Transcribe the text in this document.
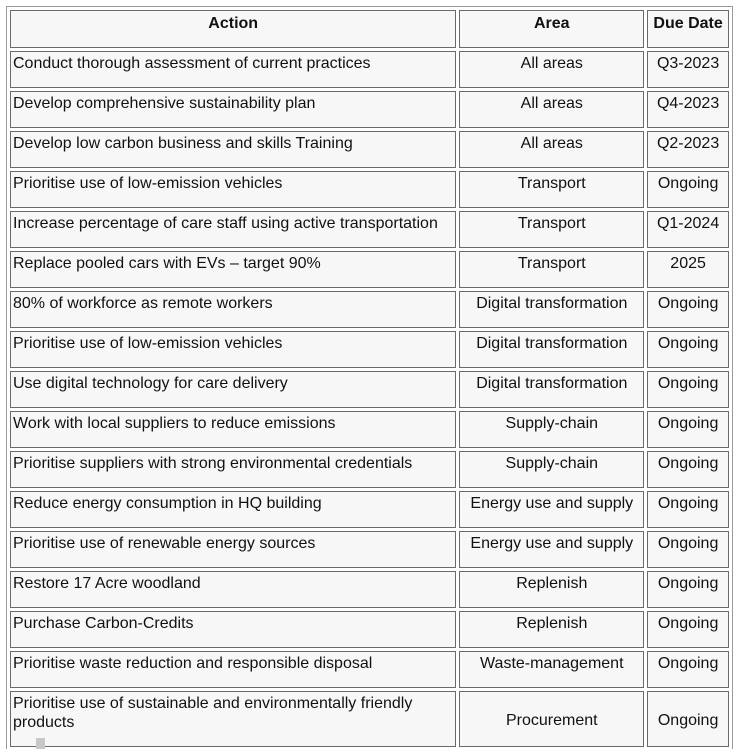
Action	Area	Due Date
Conduct thorough assessment of current practices	All areas	Q3-2023
Develop comprehensive sustainability plan	All areas	Q4-2023
Develop low carbon business and skills Training	All areas	Q2-2023
Prioritise use of low-emission vehicles	Transport	Ongoing
Increase percentage of care staff using active transportation	Transport	Q1-2024
Replace pooled cars with EVs – target 90%	Transport	2025
80% of workforce as remote workers	Digital transformation	Ongoing
Prioritise use of low-emission vehicles	Digital transformation	Ongoing
Use digital technology for care delivery	Digital transformation	Ongoing
Work with local suppliers to reduce emissions	Supply-chain	Ongoing
Prioritise suppliers with strong environmental credentials	Supply-chain	Ongoing
Reduce energy consumption in HQ building	Energy use and supply	Ongoing
Prioritise use of renewable energy sources	Energy use and supply	Ongoing
Restore 17 Acre woodland	Replenish	Ongoing
Purchase Carbon-Credits	Replenish	Ongoing
Prioritise waste reduction and responsible disposal	Waste-management	Ongoing
Prioritise use of sustainable and environmentally friendly products	Procurement	Ongoing
